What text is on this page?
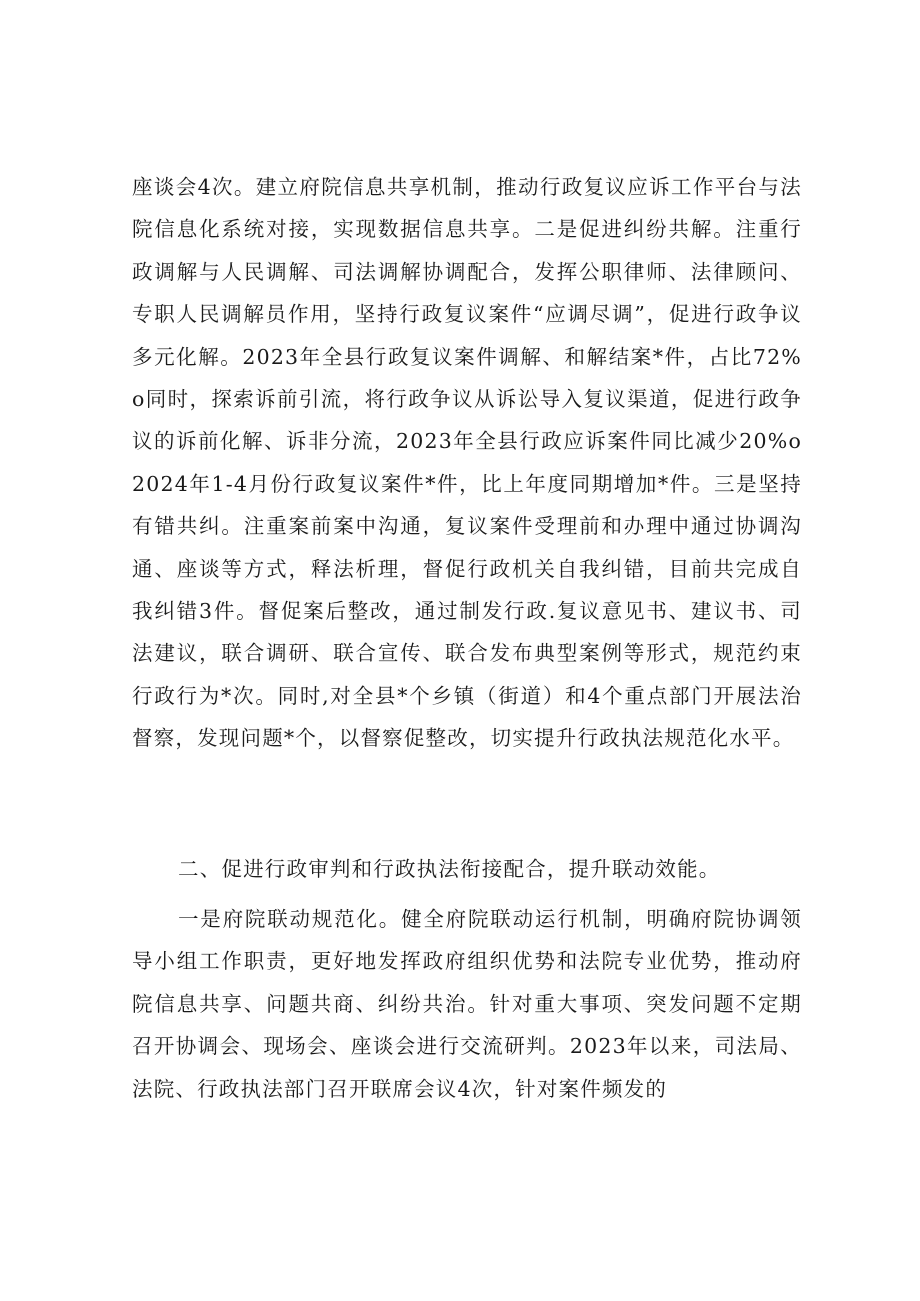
座谈会4次。建立府院信息共享机制，推动行政复议应诉工作平台与法院信息化系统对接，实现数据信息共享。二是促进纠纷共解。注重行政调解与人民调解、司法调解协调配合，发挥公职律师、法律顾问、专职人民调解员作用，坚持行政复议案件“应调尽调”，促进行政争议多元化解。2023年全县行政复议案件调解、和解结案*件，占比72%o同时，探索诉前引流，将行政争议从诉讼导入复议渠道，促进行政争议的诉前化解、诉非分流，2023年全县行政应诉案件同比减少20%o2024年1-4月份行政复议案件*件，比上年度同期增加*件。三是坚持有错共纠。注重案前案中沟通，复议案件受理前和办理中通过协调沟通、座谈等方式，释法析理，督促行政机关自我纠错，目前共完成自我纠错3件。督促案后整改，通过制发行政.复议意见书、建议书、司法建议，联合调研、联合宣传、联合发布典型案例等形式，规范约束行政行为*次。同时,对全县*个乡镇（街道）和4个重点部门开展法治督察，发现问题*个，以督察促整改，切实提升行政执法规范化水平。

二、促进行政审判和行政执法衔接配合，提升联动效能。

一是府院联动规范化。健全府院联动运行机制，明确府院协调领导小组工作职责，更好地发挥政府组织优势和法院专业优势，推动府院信息共享、问题共商、纠纷共治。针对重大事项、突发问题不定期召开协调会、现场会、座谈会进行交流研判。2023年以来，司法局、法院、行政执法部门召开联席会议4次，针对案件频发的
